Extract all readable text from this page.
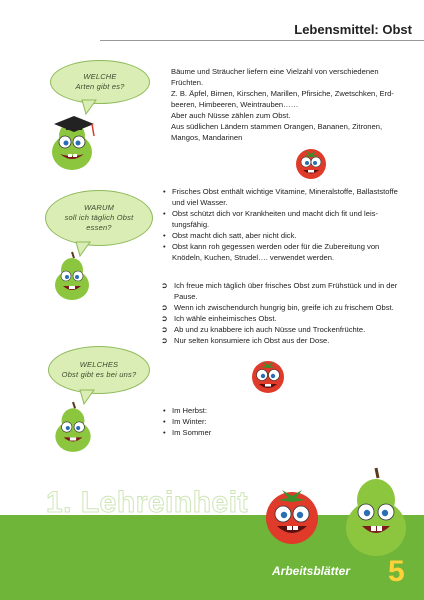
Lebensmittel: Obst
WELCHE
Arten gibt es?

Bäume und Sträucher liefern eine Vielzahl von verschiedenen

Früchten.

Z. B. Äpfel, Birnen, Kirschen, Marillen, Pfirsiche, Zwetschken, Erd-

beeren, Himbeeren, Weintrauben……

Aber auch Nüsse zählen zum Obst.

Aus südlichen Ländern stammen Orangen, Bananen, Zitronen,

Mangos, Mandarinen

WARUM
soll ich täglich Obst
essen?
• Frisches Obst enthält wichtige Vitamine, Mineralstoffe, Ballaststoffe
und viel Wasser.
• Obst schützt dich vor Krankheiten und macht dich fit und leis-
tungsfähig.
• Obst macht dich satt, aber nicht dick.
• Obst kann roh gegessen werden oder für die Zubereitung von
Knödeln, Kuchen, Strudel…. verwendet werden.
➲ Ich freue mich täglich über frisches Obst zum Frühstück und in der
Pause.
➲ Wenn ich zwischendurch hungrig bin, greife ich zu frischem Obst.
➲ Ich wähle einheimisches Obst.
➲ Ab und zu knabbere ich auch Nüsse und Trockenfrüchte.
➲ Nur selten konsumiere ich Obst aus der Dose.
WELCHES
Obst gibt es bei uns?
• Im Herbst:
• Im Winter:
• Im Sommer
1. Lehreinheit
Arbeitsblätter 5
